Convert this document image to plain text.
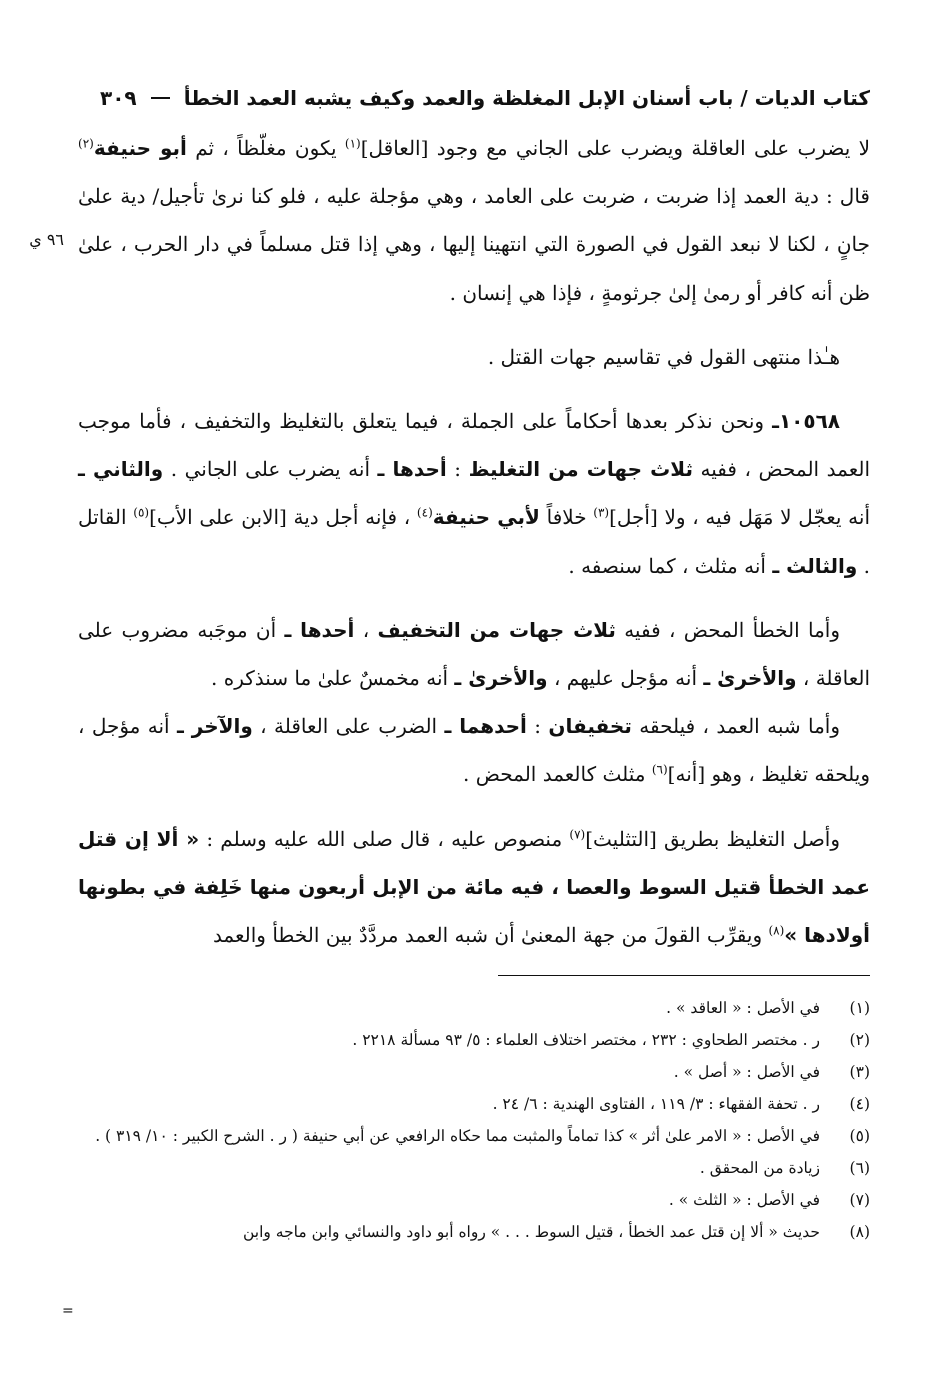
كتاب الديات / باب أسنان الإبل المغلظة والعمد وكيف يشبه العمد الخطأ
٣٠٩
٩٦ ي

لا يضرب على العاقلة ويضرب على الجاني مع وجود [العاقل]$^{(١)}$ يكون مغلّظاً ، ثم أبو حنيفة$^{(٢)}$ قال : دية العمد إذا ضربت ، ضربت على العامد ، وهي مؤجلة عليه ، فلو كنا نرىٰ تأجيل/ دية علىٰ جانٍ ، لكنا لا نبعد القول في الصورة التي انتهينا إليها ، وهي إذا قتل مسلماً في دار الحرب ، علىٰ ظن أنه كافر أو رمىٰ إلىٰ جرثومةٍ ، فإذا هي إنسان .

هـٰذا منتهى القول في تقاسيم جهات القتل .

١٠٥٦٨ـ ونحن نذكر بعدها أحكاماً على الجملة ، فيما يتعلق بالتغليظ والتخفيف ، فأما موجب العمد المحض ، ففيه ثلاث جهات من التغليظ : أحدها ـ أنه يضرب على الجاني . والثاني ـ أنه يعجّل لا مَهَل فيه ، ولا [أجل]$^{(٣)}$ خلافاً لأبي حنيفة$^{(٤)}$ ، فإنه أجل دية [الابن على الأب]$^{(٥)}$ القاتل . والثالث ـ أنه مثلث ، كما سنصفه .

وأما الخطأ المحض ، ففيه ثلاث جهات من التخفيف ، أحدها ـ أن موجَبه مضروب على العاقلة ، والأخرىٰ ـ أنه مؤجل عليهم ، والأخرىٰ ـ أنه مخمسٌ علىٰ ما سنذكره .

وأما شبه العمد ، فيلحقه تخفيفان : أحدهما ـ الضرب على العاقلة ، والآخر ـ أنه مؤجل ، ويلحقه تغليظ ، وهو [أنه]$^{(٦)}$ مثلث كالعمد المحض .

وأصل التغليظ بطريق [التثليث]$^{(٧)}$ منصوص عليه ، قال صلى الله عليه وسلم : « ألا إن قتل عمد الخطأ قتيل السوط والعصا ، فيه مائة من الإبل أربعون منها خَلِفة في بطونها أولادها »$^{(٨)}$ ويقرِّب القولَ من جهة المعنىٰ أن شبه العمد مردَّدٌ بين الخطأ والعمد

(١)
في الأصل : « العاقد » .
(٢)
ر . مختصر الطحاوي : ٢٣٢ ، مختصر اختلاف العلماء : ٥/ ٩٣ مسألة ٢٢١٨ .
(٣)
في الأصل : « أصل » .
(٤)
ر . تحفة الفقهاء : ٣/ ١١٩ ، الفتاوى الهندية : ٦/ ٢٤ .
(٥)
في الأصل : « الامر علىٰ أثر » كذا تماماً والمثبت مما حكاه الرافعي عن أبي حنيفة ( ر . الشرح الكبير : ١٠/ ٣١٩ ) .
(٦)
زيادة من المحقق .
(٧)
في الأصل : « الثلث » .
(٨)
حديث « ألا إن قتل عمد الخطأ ، قتيل السوط . . . » رواه أبو داود والنسائي وابن ماجه وابن
=
